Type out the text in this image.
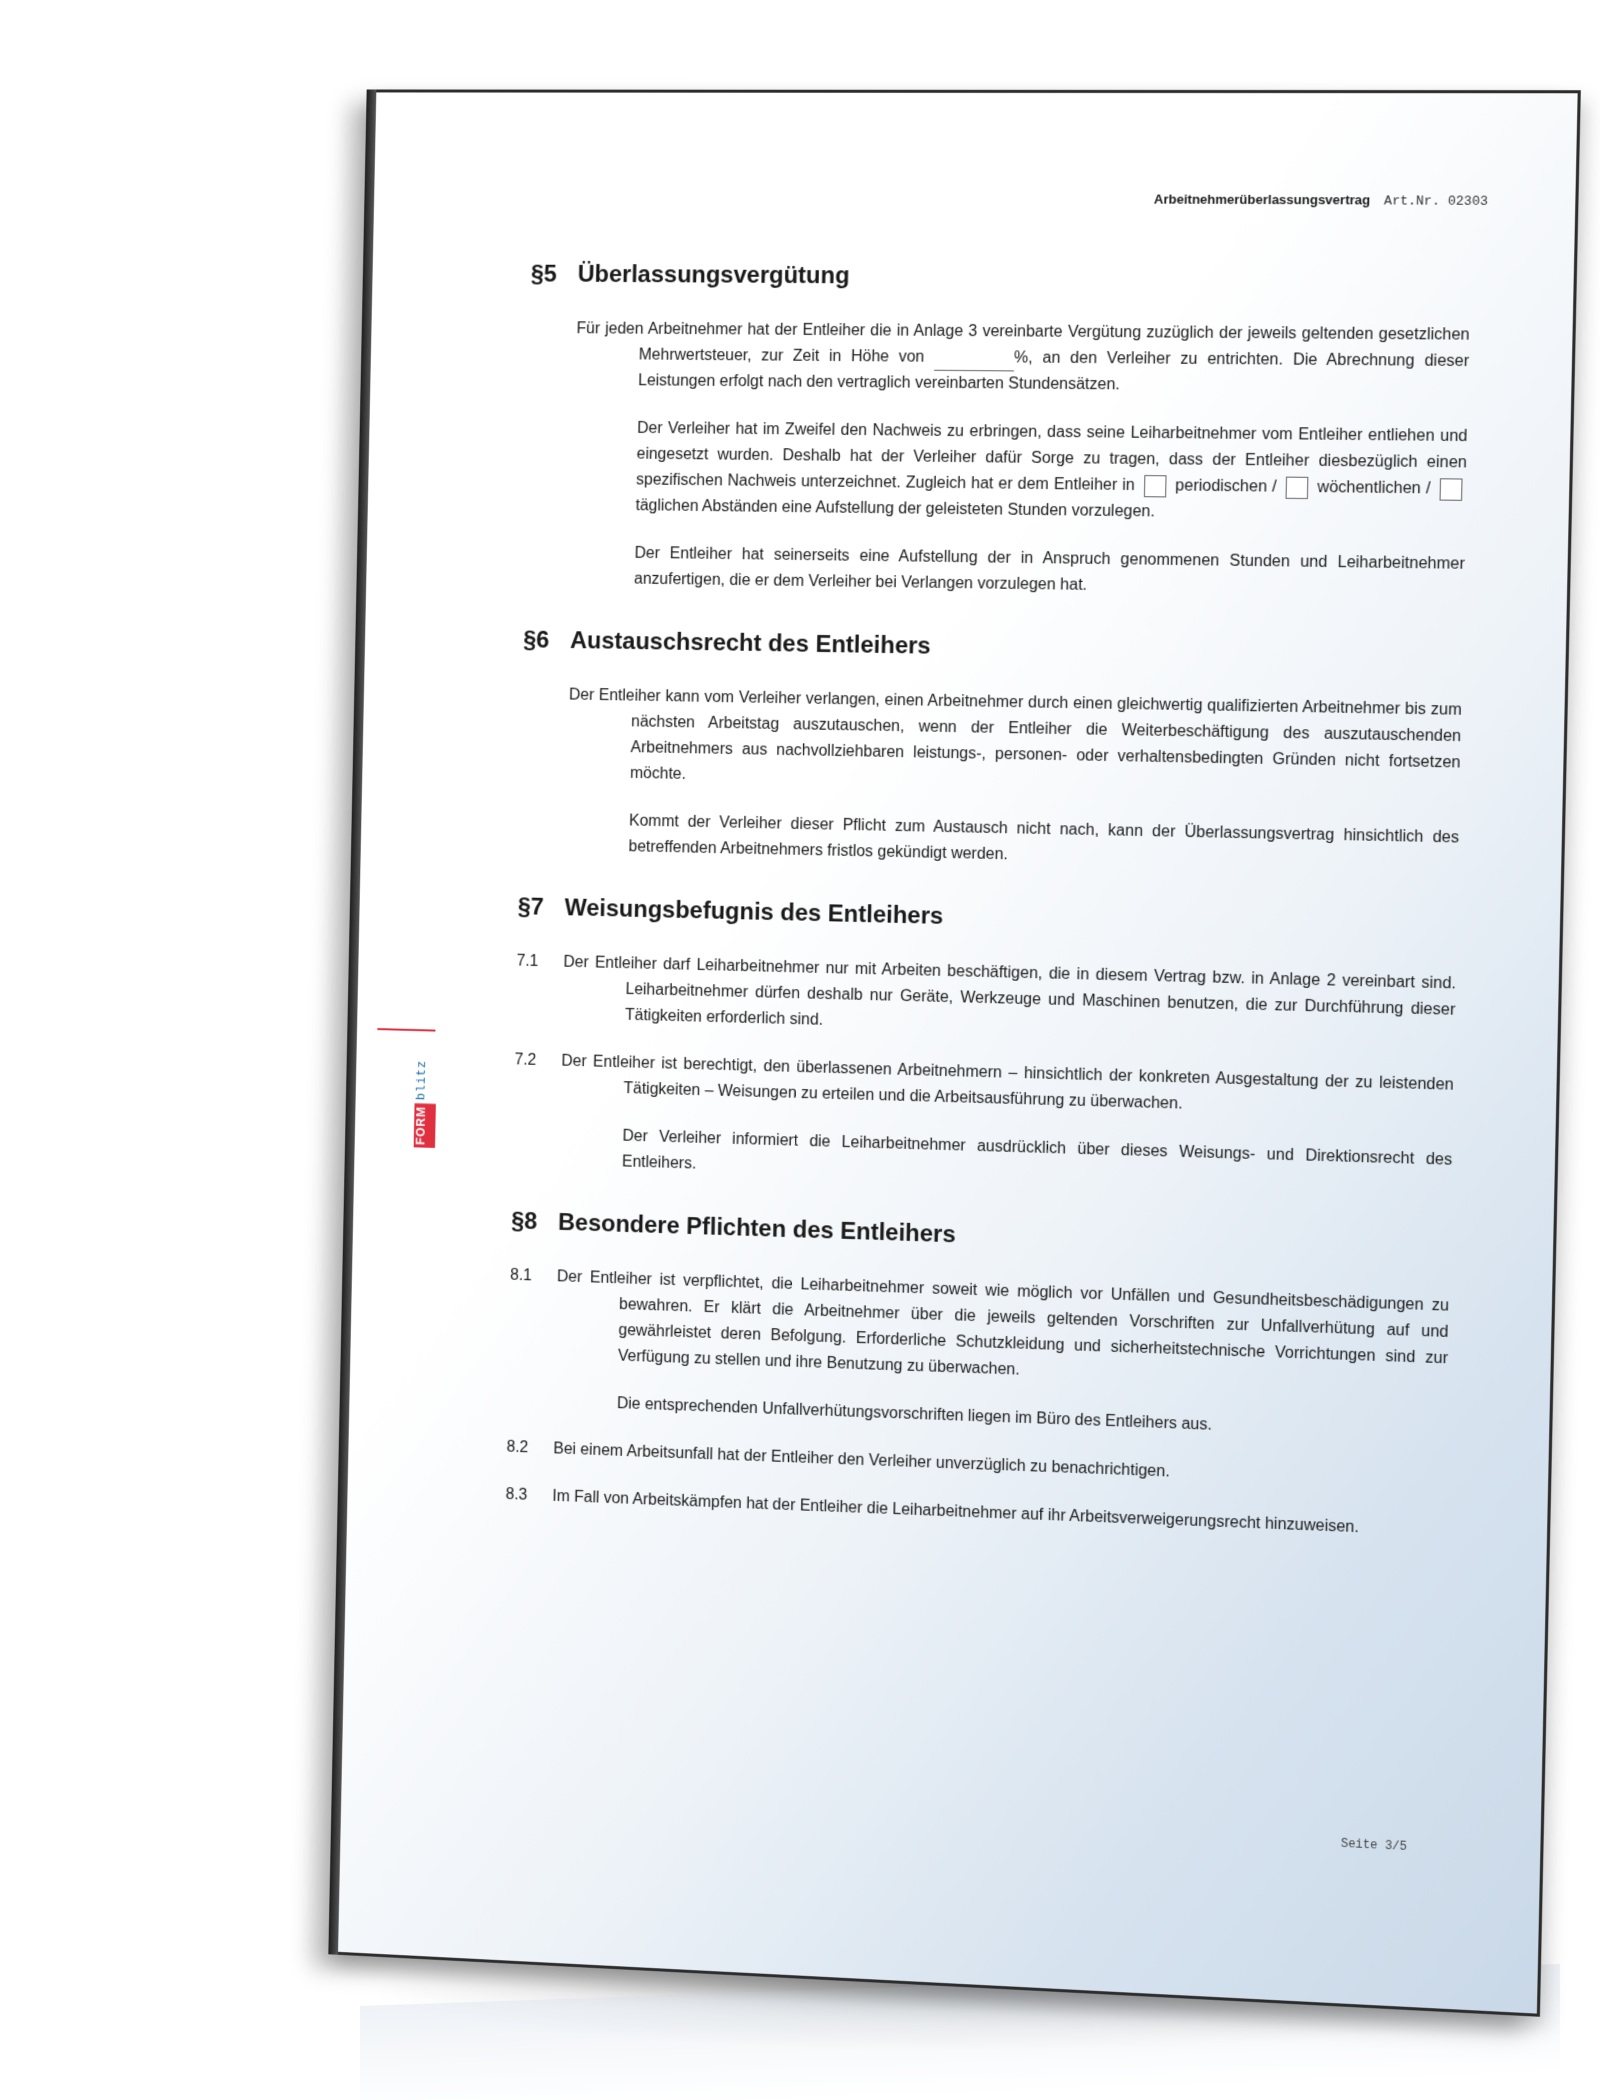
Arbeitnehmerüberlassungsvertrag Art.Nr. 02303
FORM
blitz
§5 Überlassungsvergütung

Für jeden Arbeitnehmer hat der Entleiher die in Anlage 3 vereinbarte Vergütung zuzüglich der jeweils geltenden gesetzlichen Mehrwertsteuer, zur Zeit in Höhe von	%, an den Verleiher zu entrichten. Die Abrechnung dieser Leistungen erfolgt nach den vertraglich vereinbarten Stundensätzen.

Der Verleiher hat im Zweifel den Nachweis zu erbringen, dass seine Leiharbeitnehmer vom Entleiher entliehen und eingesetzt wurden. Deshalb hat der Verleiher dafür Sorge zu tragen, dass der Entleiher diesbezüglich einen spezifischen Nachweis unterzeichnet. Zugleich hat er dem Entleiher in	periodischen /	wöchentlichen /  täglichen Abständen eine Aufstellung der geleisteten Stunden vorzulegen.

Der Entleiher hat seinerseits eine Aufstellung der in Anspruch genommenen Stunden und Leiharbeitnehmer anzufertigen, die er dem Verleiher bei Verlangen vorzulegen hat.

§6 Austauschsrecht des Entleihers

Der Entleiher kann vom Verleiher verlangen, einen Arbeitnehmer durch einen gleichwertig qualifizierten Arbeitnehmer bis zum nächsten Arbeitstag auszutauschen, wenn der Entleiher die Weiterbeschäftigung des auszutauschenden Arbeitnehmers aus nachvollziehbaren leistungs-, personen- oder verhaltensbedingten Gründen nicht fortsetzen möchte.

Kommt der Verleiher dieser Pflicht zum Austausch nicht nach, kann der Überlassungsvertrag hinsichtlich des betreffenden Arbeitnehmers fristlos gekündigt werden.

§7 Weisungsbefugnis des Entleihers
7.1	Der Entleiher darf Leiharbeitnehmer nur mit Arbeiten beschäftigen, die in diesem Vertrag bzw. in Anlage 2 vereinbart sind. Leiharbeitnehmer dürfen deshalb nur Geräte, Werkzeuge und Maschinen benutzen, die zur Durchführung dieser Tätigkeiten erforderlich sind.
7.2	Der Entleiher ist berechtigt, den überlassenen Arbeitnehmern – hinsichtlich der konkreten Ausgestaltung der zu leistenden Tätigkeiten – Weisungen zu erteilen und die Arbeitsausführung zu überwachen.

Der Verleiher informiert die Leiharbeitnehmer ausdrücklich über dieses Weisungs- und Direktionsrecht des Entleihers.

§8 Besondere Pflichten des Entleihers
8.1	Der Entleiher ist verpflichtet, die Leiharbeitnehmer soweit wie möglich vor Unfällen und Gesundheitsbeschädigungen zu bewahren. Er klärt die Arbeitnehmer über die jeweils geltenden Vorschriften zur Unfallverhütung auf und gewährleistet deren Befolgung. Erforderliche Schutzkleidung und sicherheitstechnische Vorrichtungen sind zur Verfügung zu stellen und ihre Benutzung zu überwachen.

Die entsprechenden Unfallverhütungsvorschriften liegen im Büro des Entleihers aus.

8.2	Bei einem Arbeitsunfall hat der Entleiher den Verleiher unverzüglich zu benachrichtigen.
8.3	Im Fall von Arbeitskämpfen hat der Entleiher die Leiharbeitnehmer auf ihr Arbeitsverweigerungsrecht hinzuweisen.
Seite 3/5
